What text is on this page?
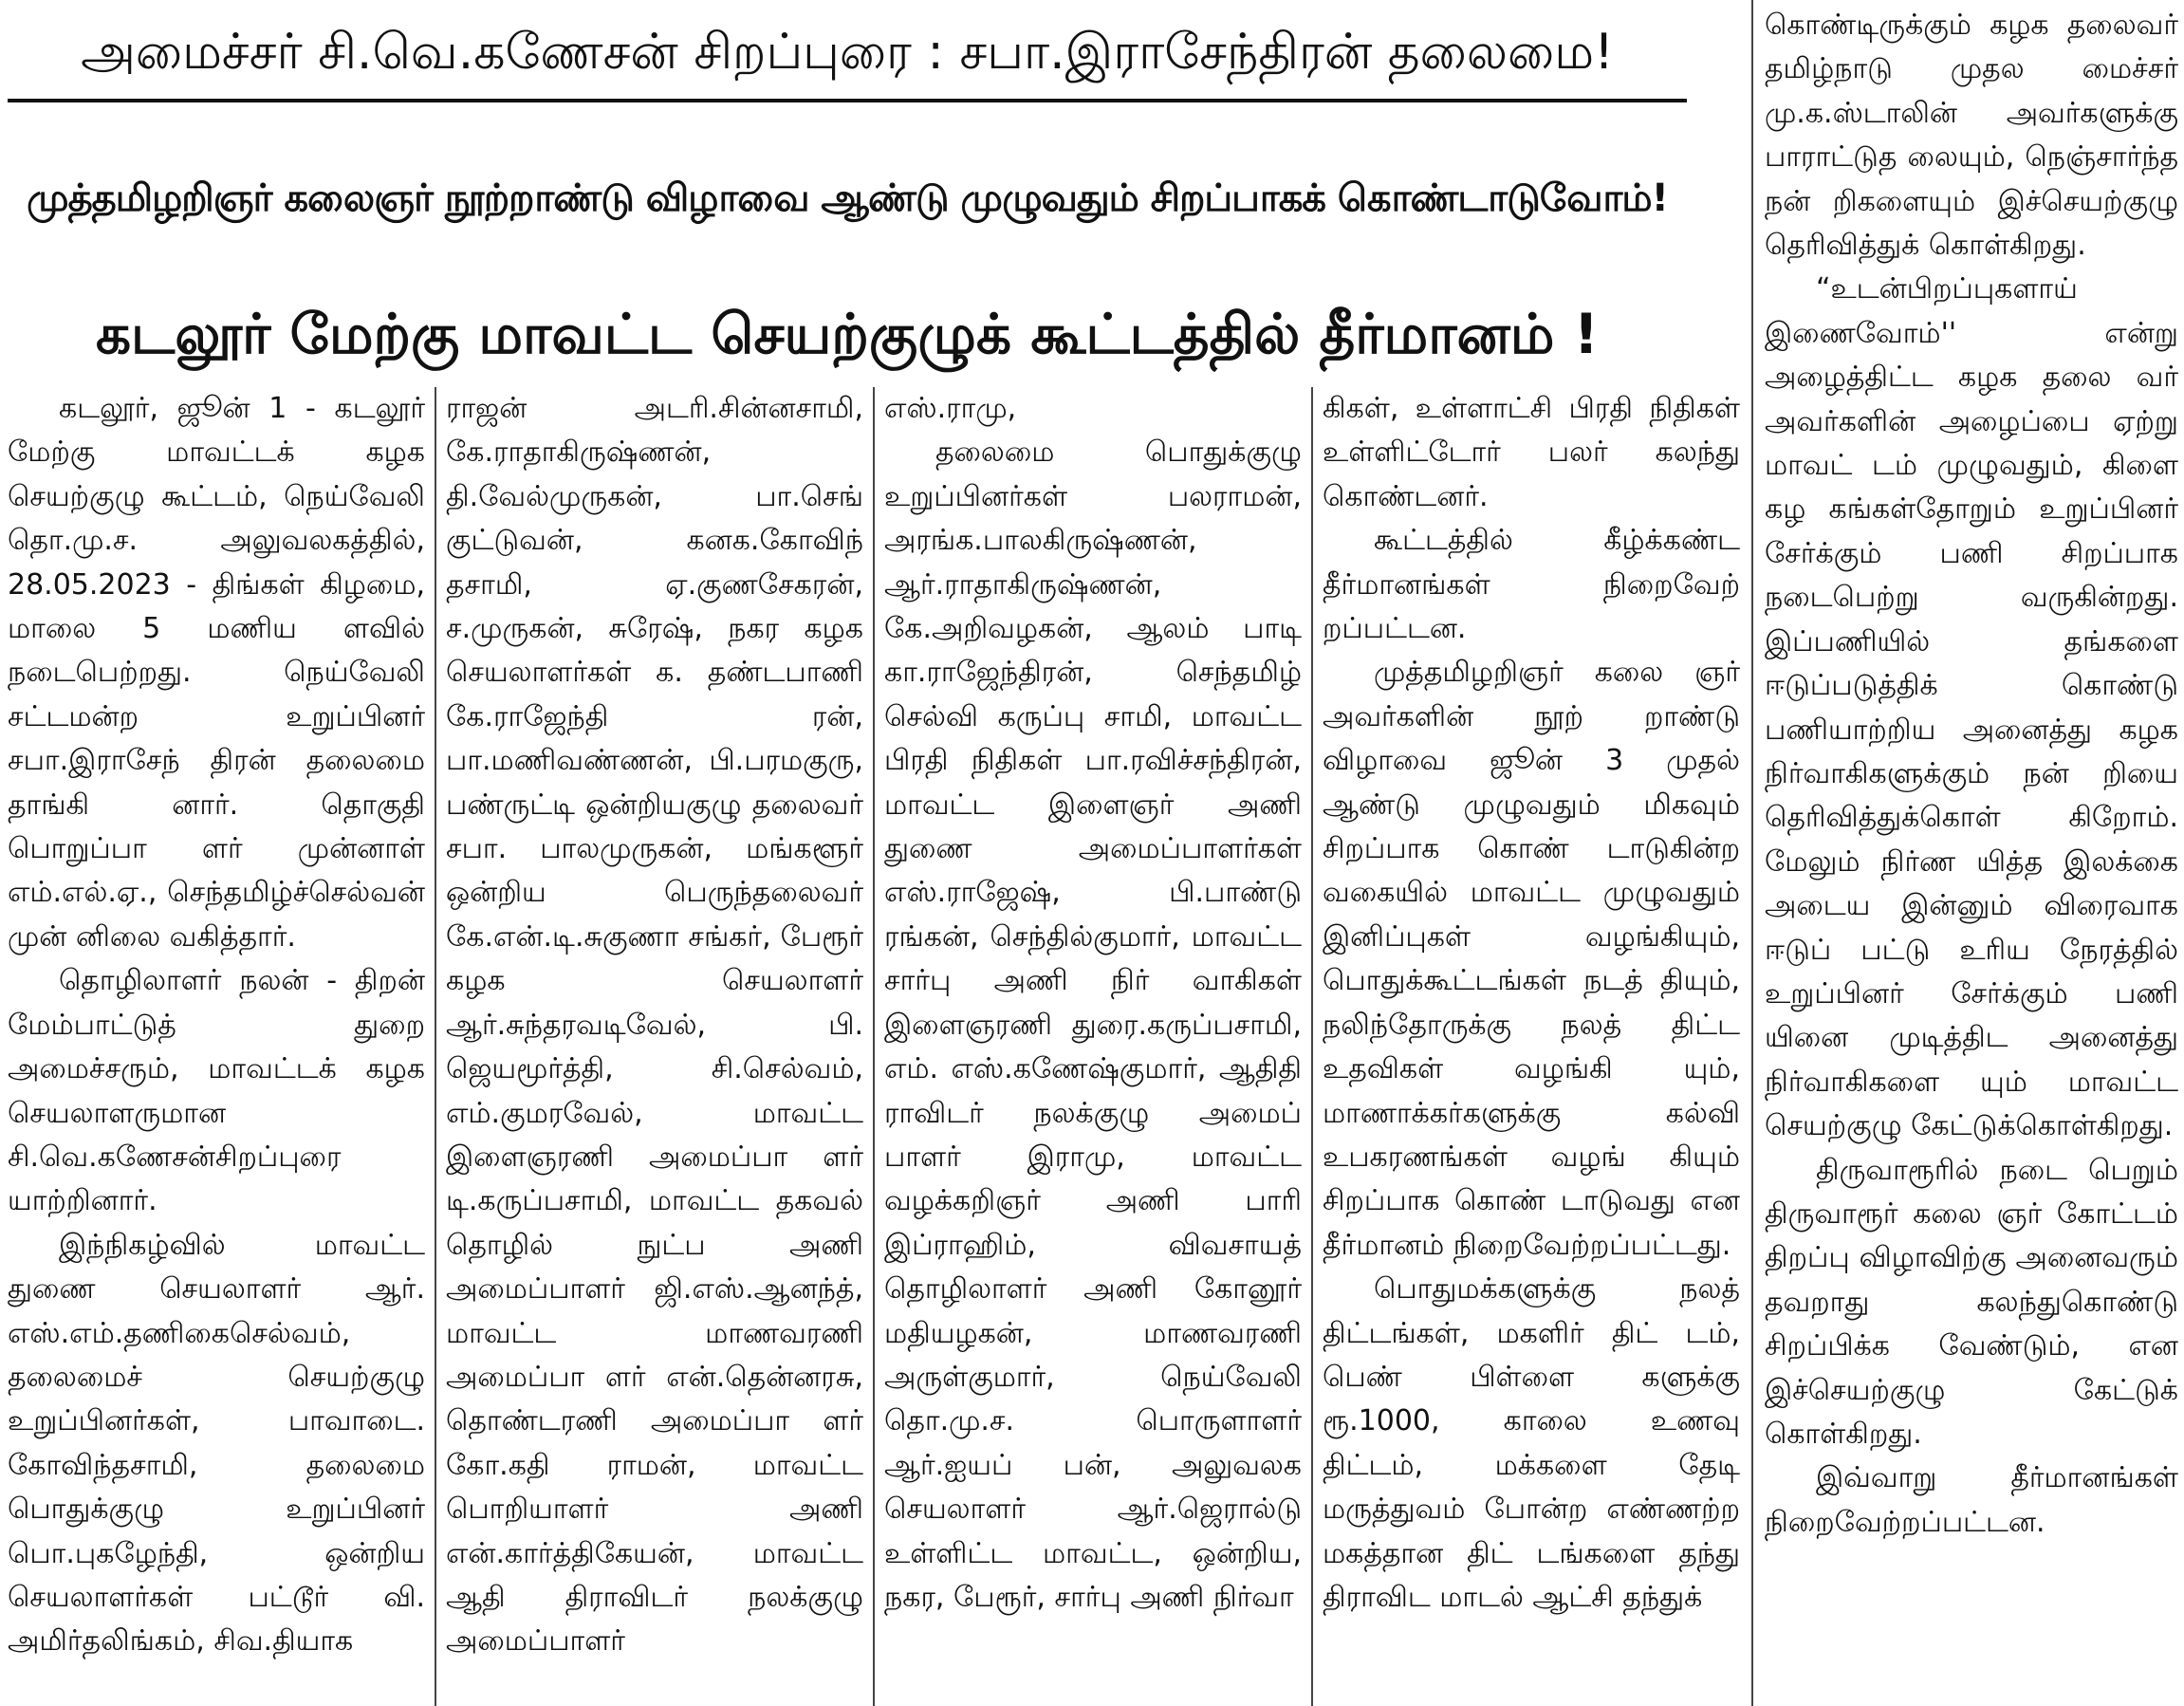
அமைச்சர் சி.வெ.கணேசன் சிறப்புரை : சபா.இராசேந்திரன் தலைமை!
முத்தமிழறிஞர் கலைஞர் நூற்றாண்டு விழாவை ஆண்டு முழுவதும் சிறப்பாகக் கொண்டாடுவோம்!
கடலூர் மேற்கு மாவட்ட செயற்குழுக் கூட்டத்தில் தீர்மானம் !

கடலூர், ஜூன் 1 - கடலூர் மேற்கு மாவட்டக் கழக செயற்குழு கூட்டம், நெய்வேலி தொ.மு.ச. அலுவலகத்தில், 28.05.2023 - திங்கள் கிழமை, மாலை 5 மணிய ளவில் நடைபெற்றது. நெய்வேலி சட்டமன்ற உறுப்பினர் சபா.இராசேந் திரன் தலைமை தாங்கி னார். தொகுதி பொறுப்பா ளர் முன்னாள் எம்.எல்.ஏ., செந்தமிழ்ச்செல்வன் முன் னிலை வகித்தார்.

தொழிலாளர் நலன் - திறன் மேம்பாட்டுத் துறை அமைச்சரும், மாவட்டக் கழக செயலாளருமான சி.வெ.கணேசன்சிறப்புரை யாற்றினார்.

இந்நிகழ்வில் மாவட்ட துணை செயலாளர் ஆர். எஸ்.எம்.தணிகைசெல்வம், தலைமைச் செயற்குழு உறுப்பினர்கள், பாவாடை. கோவிந்தசாமி, தலைமை பொதுக்குழு உறுப்பினர் பொ.புகழேந்தி, ஒன்றிய செயலாளர்கள் பட்டூர் வி. அமிர்தலிங்கம், சிவ.தியாக

ராஜன் அடரி.சின்னசாமி, கே.ராதாகிருஷ்ணன், தி.வேல்முருகன், பா.செங் குட்டுவன், கனக.கோவிந் தசாமி, ஏ.குணசேகரன், ச.முருகன், சுரேஷ், நகர கழக செயலாளர்கள் க. தண்டபாணி கே.ராஜேந்தி ரன், பா.மணிவண்ணன், பி.பரமகுரு, பண்ருட்டி ஒன்றியகுழு தலைவர் சபா. பாலமுருகன், மங்களூர் ஒன்றிய பெருந்தலைவர் கே.என்.டி.சுகுணா சங்கர், பேரூர் கழக செயலாளர் ஆர்.சுந்தரவடிவேல், பி. ஜெயமூர்த்தி, சி.செல்வம், எம்.குமரவேல், மாவட்ட இளைஞரணி அமைப்பா ளர் டி.கருப்பசாமி, மாவட்ட தகவல் தொழில் நுட்ப அணி அமைப்பாளர் ஜி.எஸ்.ஆனந்த், மாவட்ட மாணவரணி அமைப்பா ளர் என்.தென்னரசு, தொண்டரணி அமைப்பா ளர் கோ.கதி ராமன், மாவட்ட பொறியாளர் அணி என்.கார்த்திகேயன், மாவட்ட ஆதி திராவிடர் நலக்குழு அமைப்பாளர்

எஸ்.ராமு,

தலைமை பொதுக்குழு உறுப்பினர்கள் பலராமன், அரங்க.பாலகிருஷ்ணன், ஆர்.ராதாகிருஷ்ணன், கே.அறிவழகன், ஆலம் பாடி கா.ராஜேந்திரன், செந்தமிழ் செல்வி கருப்பு சாமி, மாவட்ட பிரதி நிதிகள் பா.ரவிச்சந்திரன், மாவட்ட இளைஞர் அணி துணை அமைப்பாளர்கள் எஸ்.ராஜேஷ், பி.பாண்டு ரங்கன், செந்தில்குமார், மாவட்ட சார்பு அணி நிர் வாகிகள் இளைஞரணி துரை.கருப்பசாமி, எம். எஸ்.கணேஷ்குமார், ஆதிதி ராவிடர் நலக்குழு அமைப் பாளர் இராமு, மாவட்ட வழக்கறிஞர் அணி பாரி இப்ராஹிம், விவசாயத் தொழிலாளர் அணி கோனூர் மதியழகன், மாணவரணி அருள்குமார், நெய்வேலி தொ.மு.ச. பொருளாளர் ஆர்.ஐயப் பன், அலுவலக செயலாளர் ஆர்.ஜெரால்டு உள்ளிட்ட மாவட்ட, ஒன்றிய, நகர, பேரூர், சார்பு அணி நிர்வா

கிகள், உள்ளாட்சி பிரதி நிதிகள் உள்ளிட்டோர் பலர் கலந்து கொண்டனர்.

கூட்டத்தில் கீழ்க்கண்ட தீர்மானங்கள் நிறைவேற் றப்பட்டன.

முத்தமிழறிஞர் கலை ஞர் அவர்களின் நூற் றாண்டு விழாவை ஜூன் 3 முதல் ஆண்டு முழுவதும் மிகவும் சிறப்பாக கொண் டாடுகின்ற வகையில் மாவட்ட முழுவதும் இனிப்புகள் வழங்கியும், பொதுக்கூட்டங்கள் நடத் தியும், நலிந்தோருக்கு நலத் திட்ட உதவிகள் வழங்கி யும், மாணாக்கர்களுக்கு கல்வி உபகரணங்கள் வழங் கியும் சிறப்பாக கொண் டாடுவது என தீர்மானம் நிறைவேற்றப்பட்டது.

பொதுமக்களுக்கு நலத் திட்டங்கள், மகளிர் திட் டம், பெண் பிள்ளை களுக்கு ரூ.1000, காலை உணவு திட்டம், மக்களை தேடி மருத்துவம் போன்ற எண்ணற்ற மகத்தான திட் டங்களை தந்து திராவிட மாடல் ஆட்சி தந்துக்

கொண்டிருக்கும் கழக தலைவர் தமிழ்நாடு முதல மைச்சர் மு.க.ஸ்டாலின் அவர்களுக்கு பாராட்டுத லையும், நெஞ்சார்ந்த நன் றிகளையும் இச்செயற்குழு தெரிவித்துக் கொள்கிறது.

“உடன்பிறப்புகளாய் இணைவோம்'' என்று அழைத்திட்ட கழக தலை வர் அவர்களின் அழைப்பை ஏற்று மாவட் டம் முழுவதும், கிளை கழ கங்கள்தோறும் உறுப்பினர் சேர்க்கும் பணி சிறப்பாக நடைபெற்று வருகின்றது. இப்பணியில் தங்களை ஈடுப்படுத்திக் கொண்டு பணியாற்றிய அனைத்து கழக நிர்வாகிகளுக்கும் நன் றியை தெரிவித்துக்கொள் கிறோம். மேலும் நிர்ண யித்த இலக்கை அடைய இன்னும் விரைவாக ஈடுப் பட்டு உரிய நேரத்தில் உறுப்பினர் சேர்க்கும் பணி யினை முடித்திட அனைத்து நிர்வாகிகளை யும் மாவட்ட செயற்குழு கேட்டுக்கொள்கிறது.

திருவாரூரில் நடை பெறும் திருவாரூர் கலை ஞர் கோட்டம் திறப்பு விழாவிற்கு அனைவரும் தவறாது கலந்துகொண்டு சிறப்பிக்க வேண்டும், என இச்செயற்குழு கேட்டுக் கொள்கிறது.

இவ்வாறு தீர்மானங்கள் நிறைவேற்றப்பட்டன.
